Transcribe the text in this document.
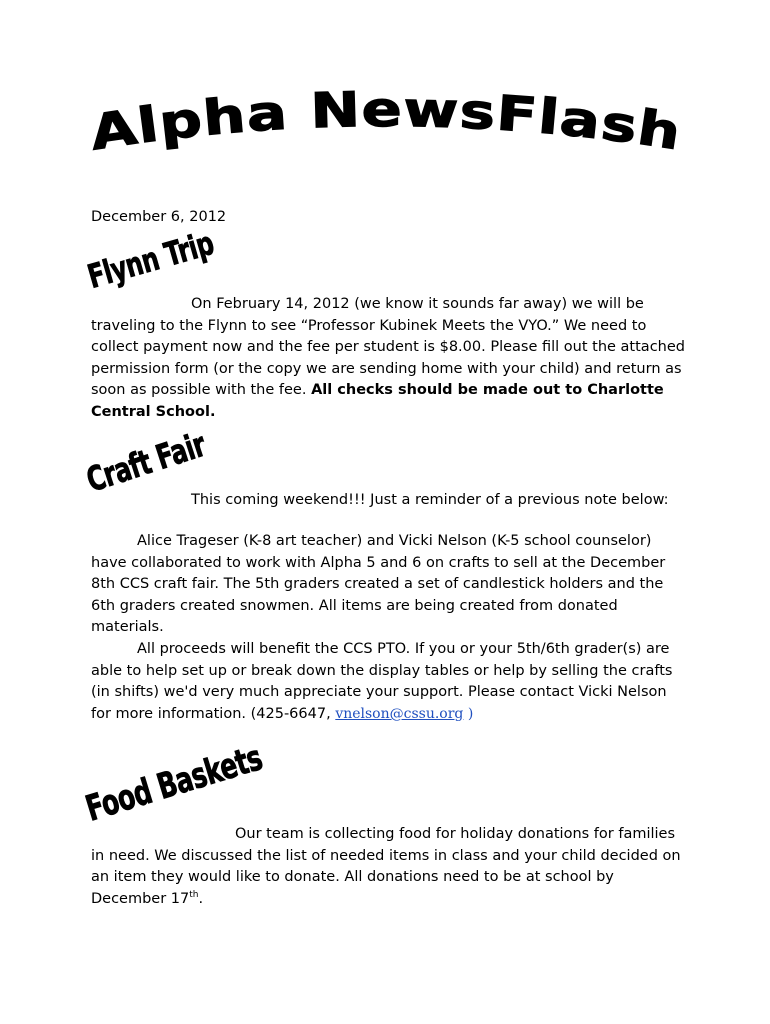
Alpha NewsFlash
December 6, 2012
Flynn Trip

On February 14, 2012 (we know it sounds far away) we will be traveling to the Flynn to see “Professor Kubinek Meets the VYO.” We need to collect payment now and the fee per student is $8.00. Please fill out the attached permission form (or the copy we are sending home with your child) and return as soon as possible with the fee. All checks should be made out to Charlotte Central School.

Craft Fair

This coming weekend!!! Just a reminder of a previous note below:

Alice Trageser (K-8 art teacher) and Vicki Nelson (K-5 school counselor) have collaborated to work with Alpha 5 and 6 on crafts to sell at the December 8th CCS craft fair. The 5th graders created a set of candlestick holders and the 6th graders created snowmen. All items are being created from donated materials.

All proceeds will benefit the CCS PTO. If you or your 5th/6th grader(s) are able to help set up or break down the display tables or help by selling the crafts (in shifts) we'd very much appreciate your support. Please contact Vicki Nelson for more information. (425-6647, vnelson@cssu.org )

Food Baskets

Our team is collecting food for holiday donations for families in need. We discussed the list of needed items in class and your child decided on an item they would like to donate. All donations need to be at school by December 17th.
